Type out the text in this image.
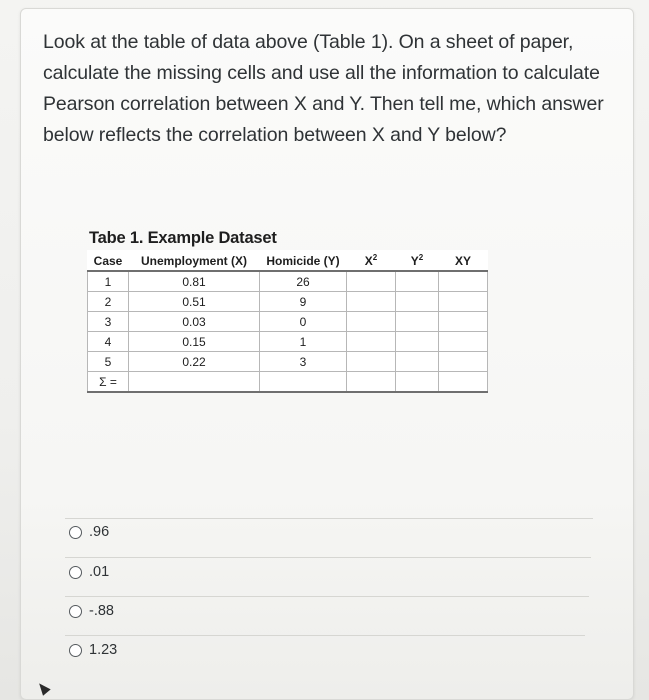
Look at the table of data above (Table 1). On a sheet of paper, calculate the missing cells and use all the information to calculate Pearson correlation between X and Y. Then tell me, which answer below reflects the correlation between X and Y below?
Tabe 1. Example Dataset
Case	Unemployment (X)	Homicide (Y)	$X^2$	$Y^2$	XY
1	0.81	26			
2	0.51	9			
3	0.03	0			
4	0.15	1			
5	0.22	3			
Σ =					
.96
.01
-.88
1.23
